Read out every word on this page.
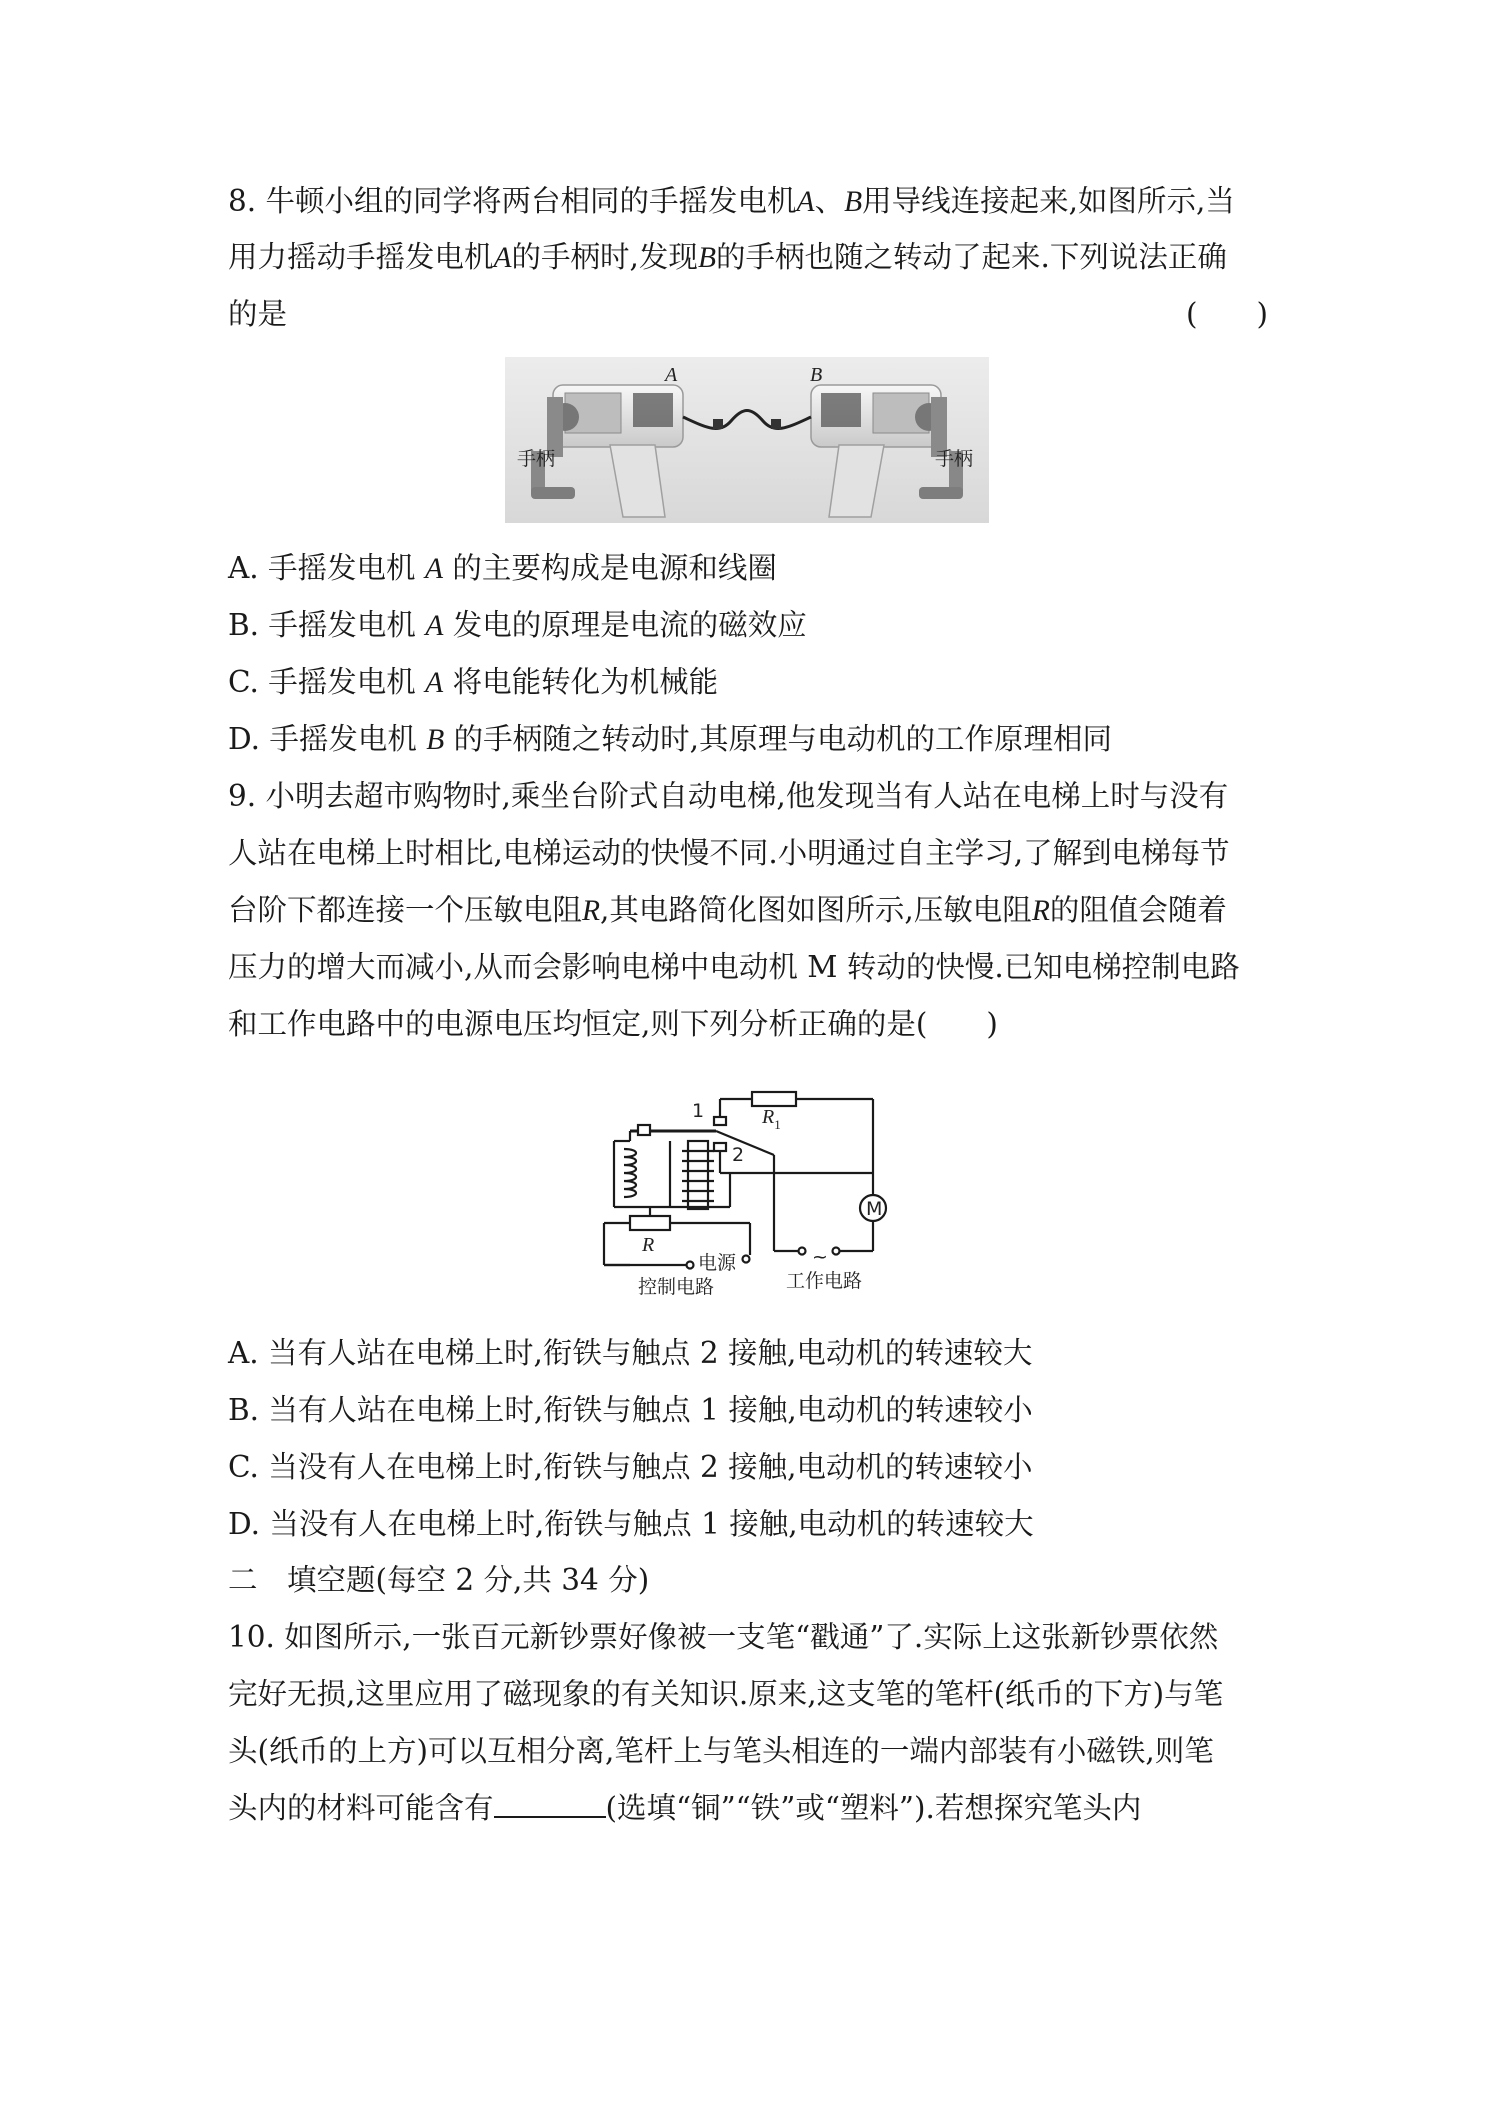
8. 牛顿小组的同学将两台相同的手摇发电机A、B用导线连接起来,如图所示,当
用力摇动手摇发电机A的手柄时,发现B的手柄也随之转动了起来.下列说法正确
的是	(　　)
A	B
手柄	手柄
A. 手摇发电机 A 的主要构成是电源和线圈
B. 手摇发电机 A 发电的原理是电流的磁效应
C. 手摇发电机 A 将电能转化为机械能
D. 手摇发电机 B 的手柄随之转动时,其原理与电动机的工作原理相同
9. 小明去超市购物时,乘坐台阶式自动电梯,他发现当有人站在电梯上时与没有
人站在电梯上时相比,电梯运动的快慢不同.小明通过自主学习,了解到电梯每节
台阶下都连接一个压敏电阻R,其电路简化图如图所示,压敏电阻R的阻值会随着
压力的增大而减小,从而会影响电梯中电动机 M 转动的快慢.已知电梯控制电路
和工作电路中的电源电压均恒定,则下列分析正确的是(　　)
1
2
$R_1$
R
M
电源
控制电路
~
工作电路
A. 当有人站在电梯上时,衔铁与触点 2 接触,电动机的转速较大
B. 当有人站在电梯上时,衔铁与触点 1 接触,电动机的转速较小
C. 当没有人在电梯上时,衔铁与触点 2 接触,电动机的转速较小
D. 当没有人在电梯上时,衔铁与触点 1 接触,电动机的转速较大
二　填空题(每空 2 分,共 34 分)
10. 如图所示,一张百元新钞票好像被一支笔“戳通”了.实际上这张新钞票依然
完好无损,这里应用了磁现象的有关知识.原来,这支笔的笔杆(纸币的下方)与笔
头(纸币的上方)可以互相分离,笔杆上与笔头相连的一端内部装有小磁铁,则笔
头内的材料可能含有	(选填“铜”“铁”或“塑料”).若想探究笔头内
